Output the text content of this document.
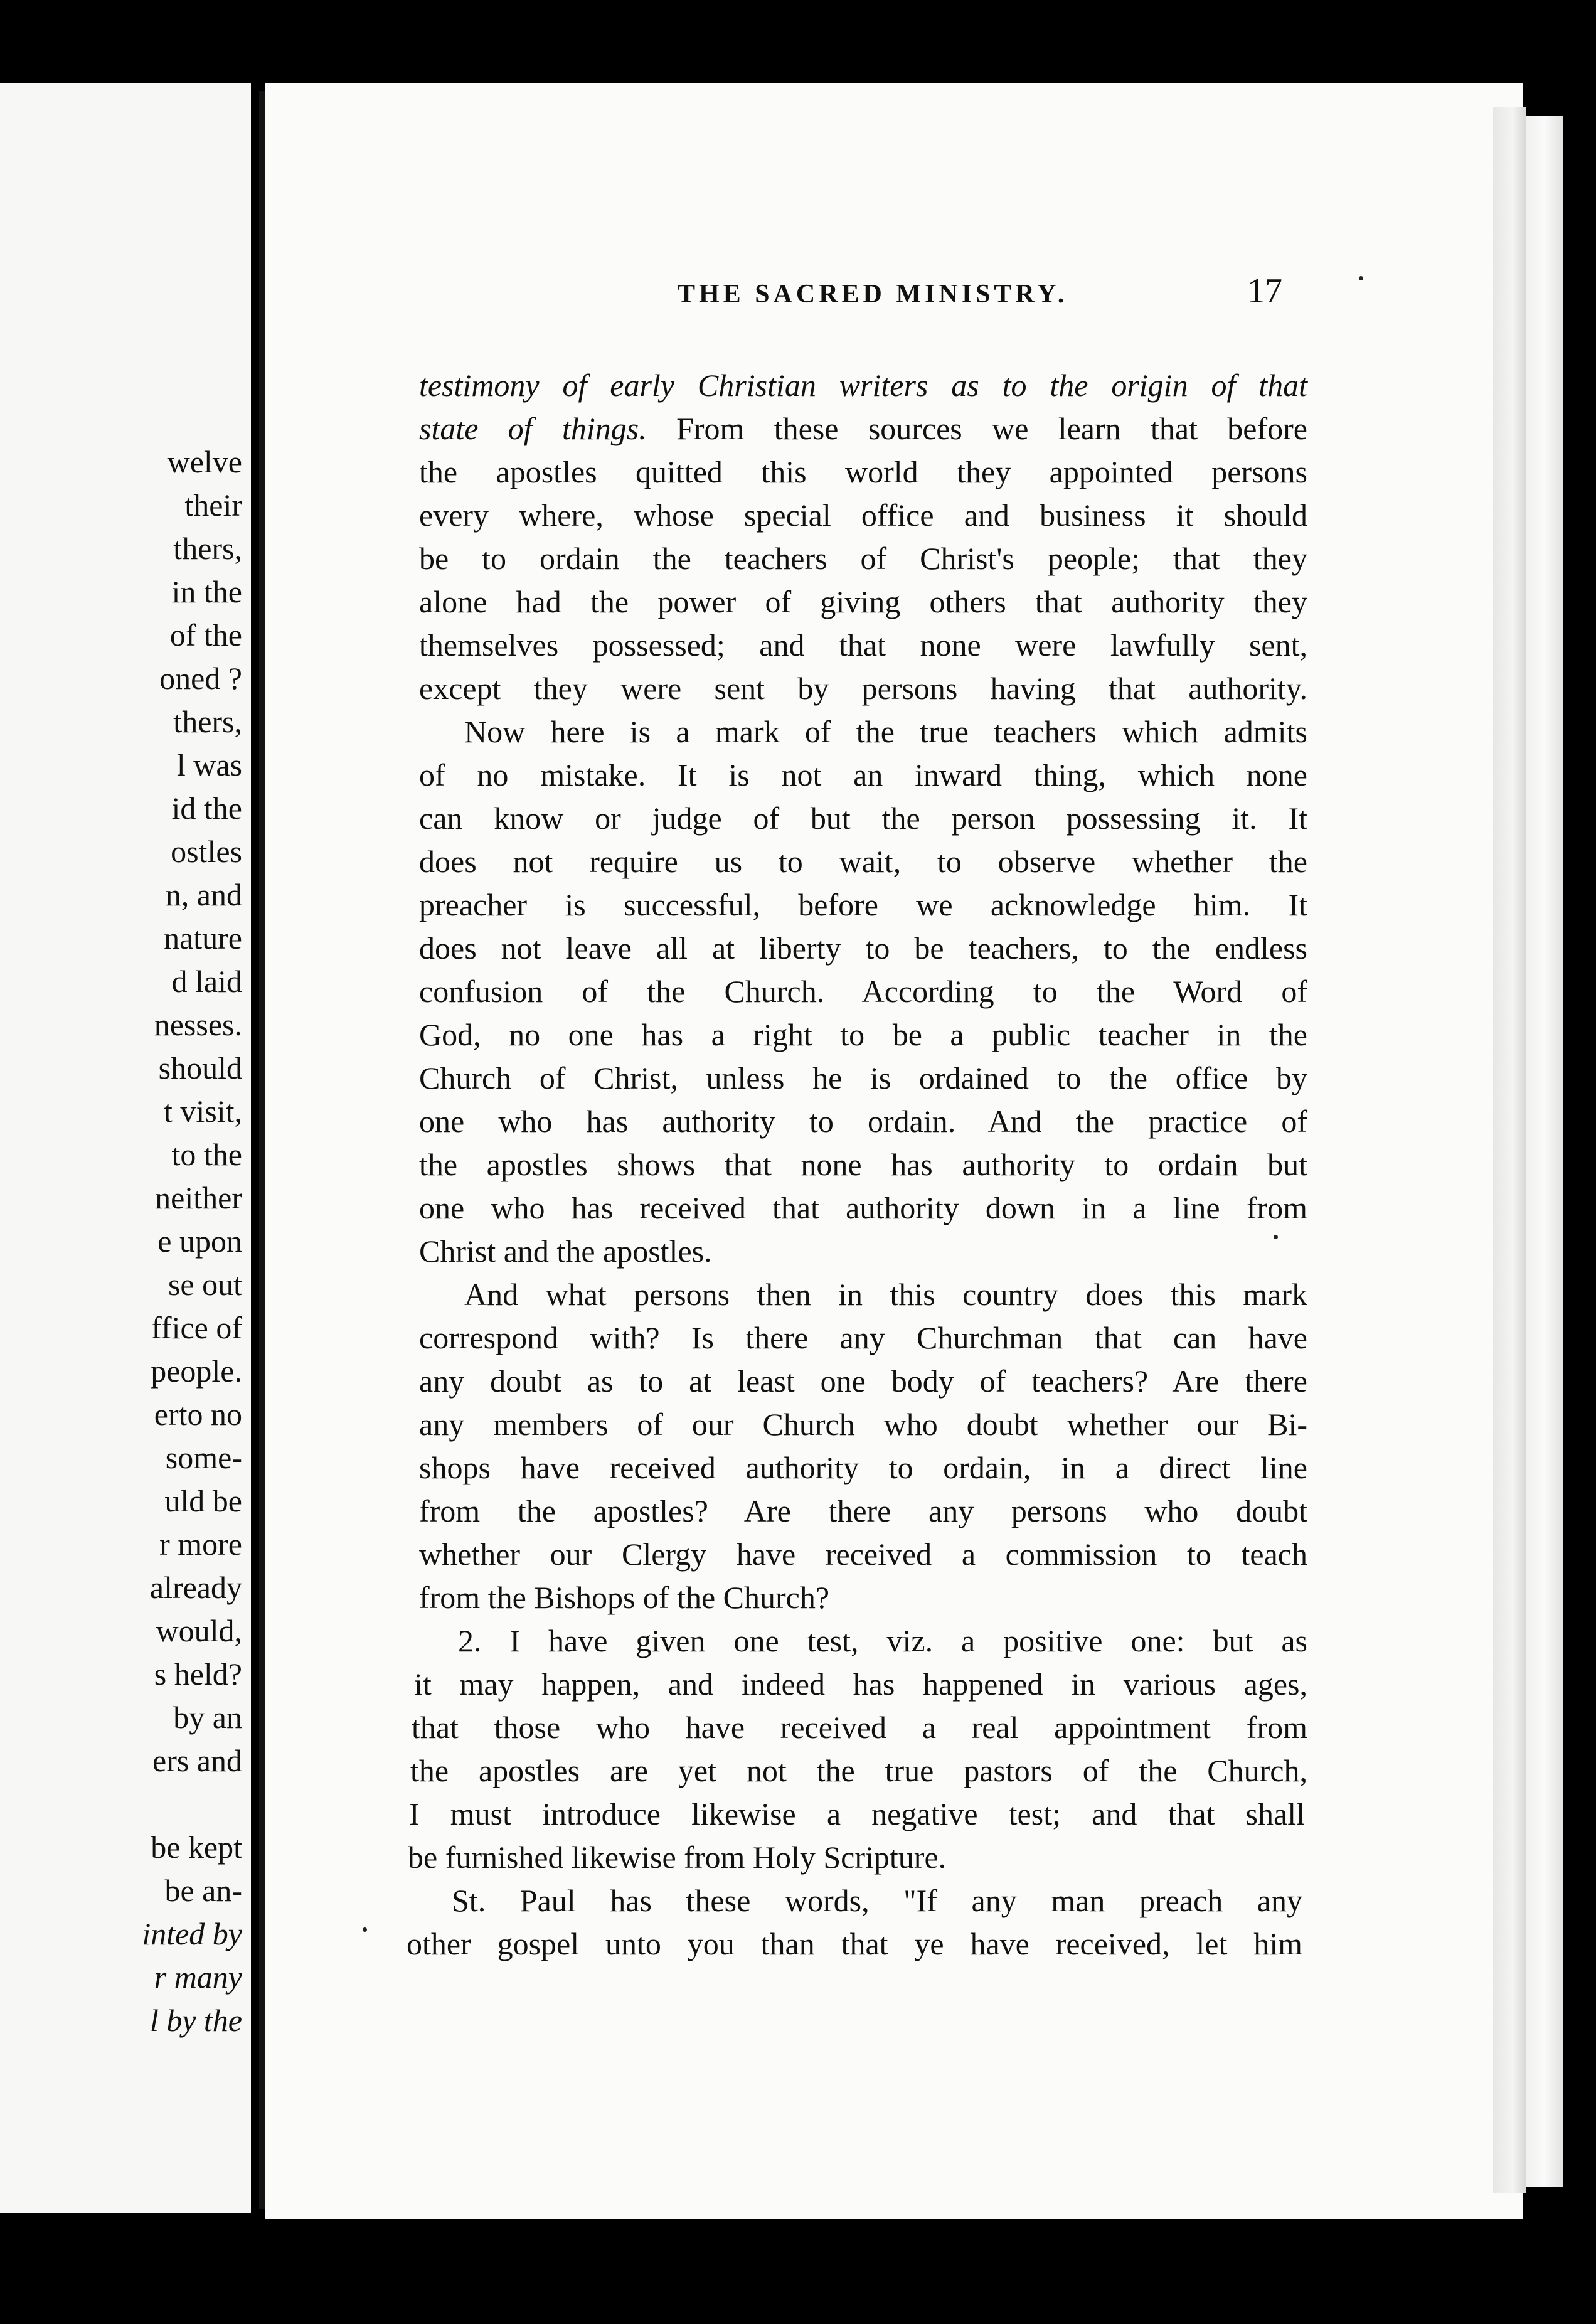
welve
their
thers,
in the
of the
oned ?
thers,
l was
id the
ostles
n, and
nature
d laid
nesses.
should
t visit,
to the
neither
e upon
se out
ffice of
people.
erto no
some-
uld be
r more
already
would,
s held?
by an
ers and
be kept
be an-
inted by
r many
l by the
THE SACRED MINISTRY.	17
testimony of early Christian writers as to the origin of that
state of things. From these sources we learn that before
the apostles quitted this world they appointed persons
every where, whose special office and business it should
be to ordain the teachers of Christ's people; that they
alone had the power of giving others that authority they
themselves possessed; and that none were lawfully sent,
except they were sent by persons having that authority.
Now here is a mark of the true teachers which admits
of no mistake. It is not an inward thing, which none
can know or judge of but the person possessing it. It
does not require us to wait, to observe whether the
preacher is successful, before we acknowledge him. It
does not leave all at liberty to be teachers, to the endless
confusion of the Church. According to the Word of
God, no one has a right to be a public teacher in the
Church of Christ, unless he is ordained to the office by
one who has authority to ordain. And the practice of
the apostles shows that none has authority to ordain but
one who has received that authority down in a line from
Christ and the apostles.
And what persons then in this country does this mark
correspond with? Is there any Churchman that can have
any doubt as to at least one body of teachers? Are there
any members of our Church who doubt whether our Bi-
shops have received authority to ordain, in a direct line
from the apostles? Are there any persons who doubt
whether our Clergy have received a commission to teach
from the Bishops of the Church?
2. I have given one test, viz. a positive one: but as
it may happen, and indeed has happened in various ages,
that those who have received a real appointment from
the apostles are yet not the true pastors of the Church,
I must introduce likewise a negative test; and that shall
be furnished likewise from Holy Scripture.
St. Paul has these words, "If any man preach any
other gospel unto you than that ye have received, let him
